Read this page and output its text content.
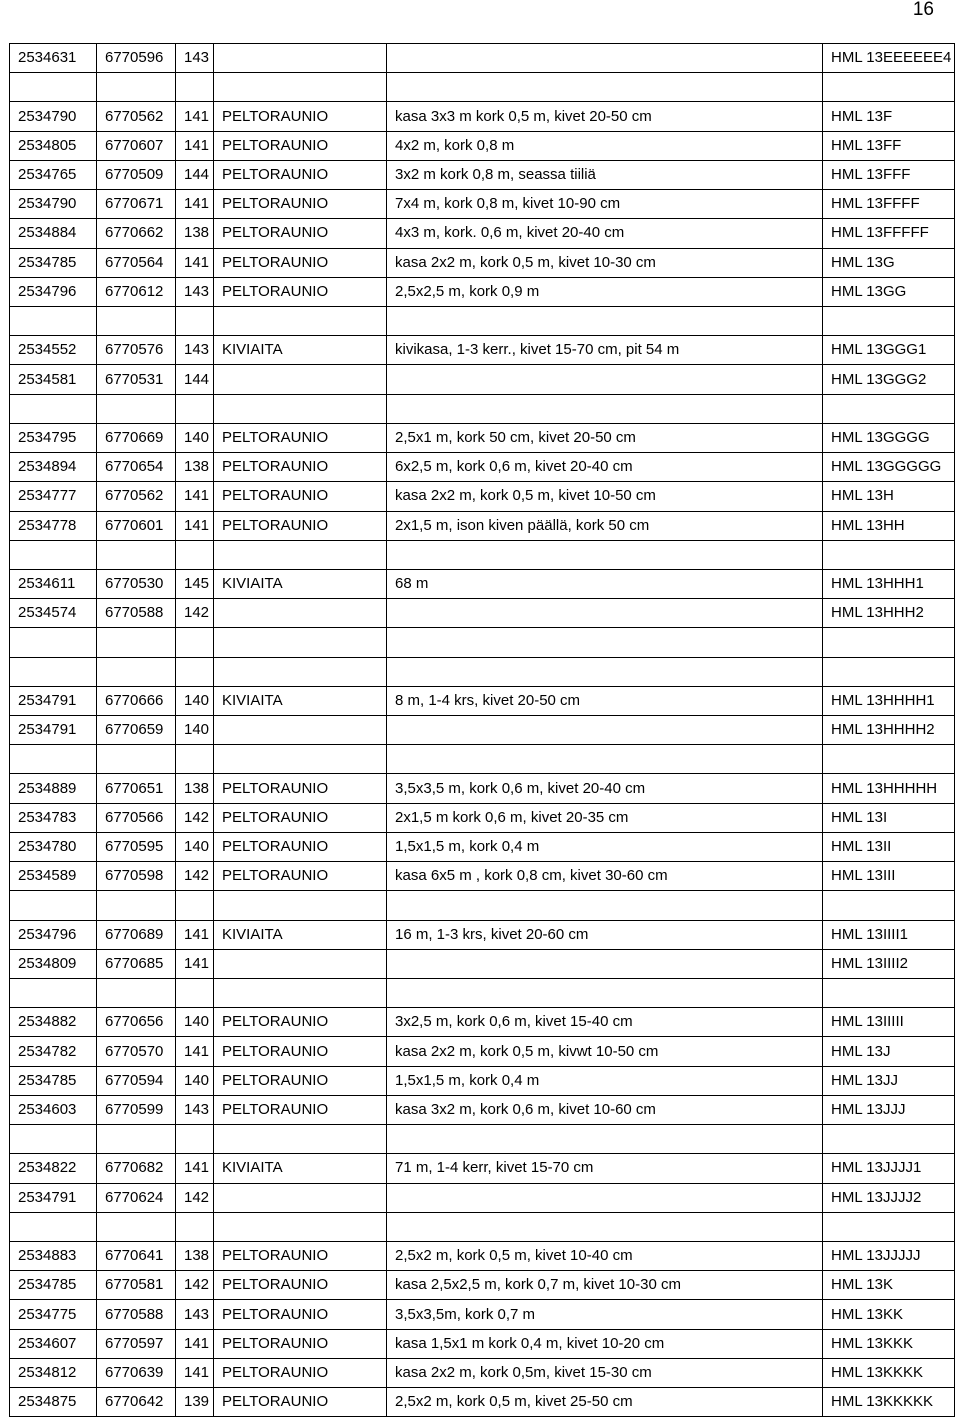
16
2534631	6770596	143			HML 13EEEEEE4

2534790	6770562	141	PELTORAUNIO	kasa 3x3 m kork 0,5 m, kivet 20-50 cm	HML 13F
2534805	6770607	141	PELTORAUNIO	4x2 m, kork 0,8 m	HML 13FF
2534765	6770509	144	PELTORAUNIO	3x2 m kork 0,8 m, seassa tiiliä	HML 13FFF
2534790	6770671	141	PELTORAUNIO	7x4 m, kork 0,8 m, kivet 10-90 cm	HML 13FFFF
2534884	6770662	138	PELTORAUNIO	4x3 m, kork. 0,6 m, kivet 20-40 cm	HML 13FFFFF
2534785	6770564	141	PELTORAUNIO	kasa 2x2 m, kork 0,5 m, kivet 10-30 cm	HML 13G
2534796	6770612	143	PELTORAUNIO	2,5x2,5 m, kork 0,9 m	HML 13GG

2534552	6770576	143	KIVIAITA	kivikasa, 1-3 kerr., kivet 15-70 cm, pit 54 m	HML 13GGG1
2534581	6770531	144			HML 13GGG2

2534795	6770669	140	PELTORAUNIO	2,5x1 m, kork 50 cm, kivet 20-50 cm	HML 13GGGG
2534894	6770654	138	PELTORAUNIO	6x2,5 m, kork 0,6 m, kivet 20-40 cm	HML 13GGGGG
2534777	6770562	141	PELTORAUNIO	kasa 2x2 m, kork 0,5 m, kivet 10-50 cm	HML 13H
2534778	6770601	141	PELTORAUNIO	2x1,5 m, ison kiven päällä, kork 50 cm	HML 13HH

2534611	6770530	145	KIVIAITA	68 m	HML 13HHH1
2534574	6770588	142			HML 13HHH2

2534791	6770666	140	KIVIAITA	8 m, 1-4 krs, kivet 20-50 cm	HML 13HHHH1
2534791	6770659	140			HML 13HHHH2

2534889	6770651	138	PELTORAUNIO	3,5x3,5 m, kork 0,6 m, kivet 20-40 cm	HML 13HHHHH
2534783	6770566	142	PELTORAUNIO	2x1,5 m kork 0,6 m, kivet 20-35 cm	HML 13I
2534780	6770595	140	PELTORAUNIO	1,5x1,5 m, kork 0,4 m	HML 13II
2534589	6770598	142	PELTORAUNIO	kasa 6x5 m , kork 0,8 cm, kivet 30-60 cm	HML 13III

2534796	6770689	141	KIVIAITA	16 m, 1-3 krs, kivet 20-60 cm	HML 13IIII1
2534809	6770685	141			HML 13IIII2

2534882	6770656	140	PELTORAUNIO	3x2,5 m, kork 0,6 m, kivet 15-40 cm	HML 13IIIII
2534782	6770570	141	PELTORAUNIO	kasa 2x2 m, kork 0,5 m, kivwt 10-50 cm	HML 13J
2534785	6770594	140	PELTORAUNIO	1,5x1,5 m, kork 0,4 m	HML 13JJ
2534603	6770599	143	PELTORAUNIO	kasa 3x2 m, kork 0,6 m, kivet 10-60 cm	HML 13JJJ

2534822	6770682	141	KIVIAITA	71 m, 1-4 kerr, kivet 15-70 cm	HML 13JJJJ1
2534791	6770624	142			HML 13JJJJ2

2534883	6770641	138	PELTORAUNIO	2,5x2 m, kork 0,5 m, kivet 10-40 cm	HML 13JJJJJ
2534785	6770581	142	PELTORAUNIO	kasa 2,5x2,5 m, kork 0,7 m, kivet 10-30 cm	HML 13K
2534775	6770588	143	PELTORAUNIO	3,5x3,5m, kork 0,7 m	HML 13KK
2534607	6770597	141	PELTORAUNIO	kasa 1,5x1 m kork 0,4 m, kivet 10-20 cm	HML 13KKK
2534812	6770639	141	PELTORAUNIO	kasa 2x2 m, kork 0,5m, kivet 15-30 cm	HML 13KKKK
2534875	6770642	139	PELTORAUNIO	2,5x2 m, kork 0,5 m, kivet 25-50 cm	HML 13KKKKK
